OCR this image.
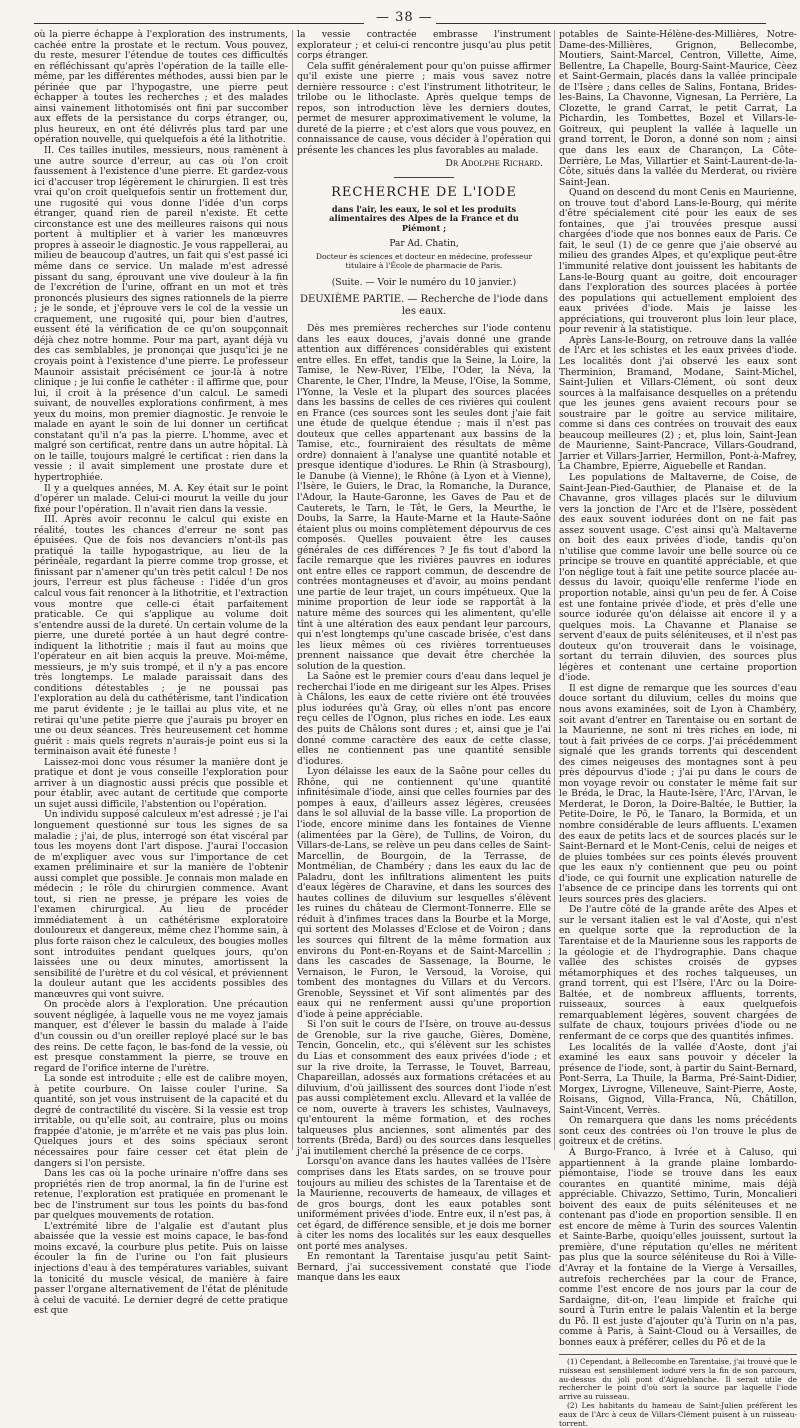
— 38 —

où la pierre échappe à l'exploration des instruments, cachée entre la prostate et le rectum. Vous pouvez, du reste, mesurer l'étendue de toutes ces difficultés en réfléchissant qu'après l'opération de la taille elle-même, par les différentes méthodes, aussi bien par le périnée que par l'hypogastre, une pierre peut échapper à toutes les recherches ; et des malades ainsi vainement lithotomisés ont fini par succomber aux effets de la persistance du corps étranger, ou, plus heureux, en ont été délivrés plus tard par une opération nouvelle, qui quelquefois a été la lithotritie.

II. Ces tailles inutiles, messieurs, nous ramènent à une autre source d'erreur, au cas où l'on croit faussement à l'existence d'une pierre. Et gardez-vous ici d'accuser trop légèrement le chirurgien. Il est très vrai qu'on croit quelquefois sentir un frottement dur, une rugosité qui vous donne l'idée d'un corps étranger, quand rien de pareil n'existe. Et cette circonstance est une des meilleures raisons qui nous portent à multiplier et à varier les manœuvres propres à asseoir le diagnostic. Je vous rappellerai, au milieu de beaucoup d'autres, un fait qui s'est passé ici même dans ce service. Un malade m'est adressé pissant du sang, éprouvant une vive douleur à la fin de l'excrétion de l'urine, offrant en un mot et très prononcés plusieurs des signes rationnels de la pierre ; je le sonde, et j'éprouve vers le col de la vessie un craquement, une rugosité qui, pour bien d'autres, eussent été la vérification de ce qu'on soupçonnait déjà chez notre homme. Pour ma part, ayant déjà vu des cas semblables, je prononçai que jusqu'ici je ne croyais point à l'existence d'une pierre. Le professeur Maunoir assistait précisément ce jour-là à notre clinique ; je lui confie le cathéter : il affirme que, pour lui, il croit à la présence d'un calcul. Le samedi suivant, de nouvelles explorations confirment, à mes yeux du moins, mon premier diagnostic. Je renvoie le malade en ayant le soin de lui donner un certificat constatant qu'il n'a pas la pierre. L'homme, avec et malgré son certificat, rentre dans un autre hôpital. Là on le taille, toujours malgré le certificat : rien dans la vessie ; il avait simplement une prostate dure et hypertrophiée.

Il y a quelques années, M. A. Key était sur le point d'opérer un malade. Celui-ci mourut la veille du jour fixé pour l'opération. Il n'avait rien dans la vessie.

III. Après avoir reconnu le calcul qui existe en réalité, toutes les chances d'erreur ne sont pas épuisées. Que de fois nos devanciers n'ont-ils pas pratiqué la taille hypogastrique, au lieu de la périnéale, regardant la pierre comme trop grosse, et finissant par n'amener qu'un très petit calcul ! De nos jours, l'erreur est plus fâcheuse : l'idée d'un gros calcul vous fait renoncer à la lithotritie, et l'extraction vous montre que celle-ci était parfaitement praticable. Ce qui s'applique au volume doit s'entendre aussi de la dureté. Un certain volume de la pierre, une dureté portée à un haut degré contre-indiquent la lithotritie ; mais il faut au moins que l'opérateur en ait bien acquis la preuve. Moi-même, messieurs, je m'y suis trompé, et il n'y a pas encore très longtemps. Le malade paraissait dans des conditions détestables ; je ne poussai pas l'exploration au delà du cathétérisme, tant l'indication me parut évidente ; je le taillai au plus vite, et ne retirai qu'une petite pierre que j'aurais pu broyer en une ou deux séances. Très heureusement cet homme guérit : mais quels regrets n'aurais-je point eus si la terminaison avait été funeste !

Laissez-moi donc vous résumer la manière dont je pratique et dont je vous conseille l'exploration pour arriver à un diagnostic aussi précis que possible et pour établir, avec autant de certitude que comporte un sujet aussi difficile, l'abstention ou l'opération.

Un individu supposé calculeux m'est adressé ; je l'ai longuement questionné sur tous les signes de sa maladie ; j'ai, de plus, interrogé son état viscéral par tous les moyens dont l'art dispose. J'aurai l'occasion de m'expliquer avec vous sur l'importance de cet examen préliminaire et sur la manière de l'obtenir aussi complet que possible. Je connais mon malade en médecin ; le rôle du chirurgien commence. Avant tout, si rien ne presse, je prépare les voies de l'examen chirurgical. Au lieu de procéder immédiatement à un cathétérisme exploratoire douloureux et dangereux, même chez l'homme sain, à plus forte raison chez le calculeux, des bougies molles sont introduites pendant quelques jours, qu'on laissées une ou deux minutes, amortissent la sensibilité de l'urètre et du col vésical, et préviennent la douleur autant que les accidents possibles des manœuvres qui vont suivre.

On procède alors à l'exploration. Une précaution souvent négligée, à laquelle vous ne me voyez jamais manquer, est d'élever le bassin du malade à l'aide d'un coussin ou d'un oreiller reployé placé sur le bas des reins. De cette façon, le bas-fond de la vessie, où est presque constamment la pierre, se trouve en regard de l'orifice interne de l'urètre.

La sonde est introduite ; elle est de calibre moyen, à petite courbure. On laisse couler l'urine. Sa quantité, son jet vous instruisent de la capacité et du degré de contractilité du viscère. Si la vessie est trop irritable, ou qu'elle soit, au contraire, plus ou moins frappée d'atonie, je m'arrête et ne vais pas plus loin. Quelques jours et des soins spéciaux seront nécessaires pour faire cesser cet état plein de dangers si l'on persiste.

Dans les cas où la poche urinaire n'offre dans ses propriétés rien de trop anormal, la fin de l'urine est retenue, l'exploration est pratiquée en promenant le bec de l'instrument sur tous les points du bas-fond par quelques mouvements de rotation.

L'extrémité libre de l'algalie est d'autant plus abaissée que la vessie est moins capace, le bas-fond moins excavé, la courbure plus petite. Puis on laisse écouler la fin de l'urine ou l'on fait plusieurs injections d'eau à des températures variables, suivant la tonicité du muscle vésical, de manière à faire passer l'organe alternativement de l'état de plénitude à celui de vacuité. Le dernier degré de cette pratique est que

la vessie contractée embrasse l'instrument explorateur ; et celui-ci rencontre jusqu'au plus petit corps étranger.

Cela suffit généralement pour qu'on puisse affirmer qu'il existe une pierre ; mais vous savez notre dernière ressource : c'est l'instrument lithotriteur, le trilobe ou le lithoclaste. Après quelque temps de repos, son introduction lève les derniers doutes, permet de mesurer approximativement le volume, la dureté de la pierre ; et c'est alors que vous pouvez, en connaissance de cause, vous décider à l'opération qui présente les chances les plus favorables au malade.

Dr Adolphe Richard.
RECHERCHE DE L'IODE
dans l'air, les eaux, le sol et les produits alimentaires des Alpes de la France et du Piémont ;
Par Ad. Chatin,
Docteur ès sciences et docteur en médecine, professeur titulaire à l'École de pharmacie de Paris.
(Suite. — Voir le numéro du 10 janvier.)
DEUXIÈME PARTIE. — Recherche de l'iode dans les eaux.

Dès mes premières recherches sur l'iode contenu dans les eaux douces, j'avais donné une grande attention aux différences considérables qui existent entre elles. En effet, tandis que la Seine, la Loire, la Tamise, le New-River, l'Elbe, l'Oder, la Néva, la Charente, le Cher, l'Indre, la Meuse, l'Oise, la Somme, l'Yonne, la Vesle et la plupart des sources placées dans les bassins de celles de ces rivières qui coulent en France (ces sources sont les seules dont j'aie fait une étude de quelque étendue ; mais il n'est pas douteux que celles appartenant aux bassins de la Tamise, etc., fourniraient des résultats de même ordre) donnaient à l'analyse une quantité notable et presque identique d'iodures. Le Rhin (à Strasbourg), le Danube (à Vienne), le Rhône (à Lyon et à Vienne), l'Isère, le Guiers, le Drac, la Romanche, la Durance, l'Adour, la Haute-Garonne, les Gaves de Pau et de Cauterets, le Tarn, le Têt, le Gers, la Meurthe, le Doubs, la Sarre, la Haute-Marne et la Haute-Saône étaient plus ou moins complètement dépourvus de ces composés. Quelles pouvaient être les causes générales de ces différences ? Je fis tout d'abord la facile remarque que les rivières pauvres en iodures ont entre elles ce rapport commun, de descendre de contrées montagneuses et d'avoir, au moins pendant une partie de leur trajet, un cours impétueux. Que la minime proportion de leur iode se rapportât à la nature même des sources qui les alimentent, qu'elle tînt à une altération des eaux pendant leur parcours, qui n'est longtemps qu'une cascade brisée, c'est dans les lieux mêmes où ces rivières torrentueuses prennent naissance que devait être cherchée la solution de la question.

La Saône est le premier cours d'eau dans lequel je recherchai l'iode en me dirigeant sur les Alpes. Prises à Châlons, les eaux de cette rivière ont été trouvées plus iodurées qu'à Gray, où elles n'ont pas encore reçu celles de l'Ognon, plus riches en iode. Les eaux des puits de Châlons sont dures ; et, ainsi que je l'ai donné comme caractère des eaux de cette classe, elles ne contiennent pas une quantité sensible d'iodures.

Lyon délaisse les eaux de la Saône pour celles du Rhône, qui ne contiennent qu'une quantité infinitésimale d'iode, ainsi que celles fournies par des pompes à eaux, d'ailleurs assez légères, creusées dans le sol alluvial de la basse ville. La proportion de l'iode, encore minime dans les fontaines de Vienne (alimentées par la Gère), de Tullins, de Voiron, du Villars-de-Lans, se relève un peu dans celles de Saint-Marcellin, de Bourgoin, de la Terrasse, de Montmélian, de Chambéry ; dans les eaux du lac de Paladru, dont les infiltrations alimentent les puits d'eaux légères de Charavine, et dans les sources des hautes collines de diluvium sur lesquelles s'élèvent les ruines du château de Clermont-Tonnerre. Elle se réduit à d'infimes traces dans la Bourbe et la Morge, qui sortent des Molasses d'Eclose et de Voiron ; dans les sources qui filtrent de la même formation aux environs du Pont-en-Royans et de Saint-Marcellin ; dans les cascades de Sassenage, la Bourne, le Vernaison, le Furon, le Versoud, la Voroise, qui tombent des montagnes du Villars et du Vercors. Grenoble, Seyssinet et Vif sont alimentés par des eaux qui ne renferment aussi qu'une proportion d'iode à peine appréciable.

Si l'on suit le cours de l'Isère, on trouve au-dessus de Grenoble, sur la rive gauche, Gières, Domène, Tencin, Goncelin, etc., qui s'élèvent sur les schistes du Lias et consomment des eaux privées d'iode ; et sur la rive droite, la Terrasse, le Touvet, Barreau, Chapareillan, adossés aux formations crétacées et au diluvium, d'où jaillissent des sources dont l'iode n'est pas aussi complètement exclu. Allevard et la vallée de ce nom, ouverte à travers les schistes, Vaulnaveys, qu'entourent la même formation, et des roches talqueuses plus anciennes, sont alimentés par des torrents (Bréda, Bard) ou des sources dans lesquelles j'ai inutilement cherché la présence de ce corps.

Lorsqu'on avance dans les hautes vallées de l'Isère comprises dans les Etats sardes, on se trouve pour toujours au milieu des schistes de la Tarentaise et de la Maurienne, recouverts de hameaux, de villages et de gros bourgs, dont les eaux potables sont uniformément privées d'iode. Entre eux, il n'est pas, à cet égard, de différence sensible, et je dois me borner à citer les noms des localités sur les eaux desquelles ont porté mes analyses.

En remontant la Tarentaise jusqu'au petit Saint-Bernard, j'ai successivement constaté que l'iode manque dans les eaux

potables de Sainte-Hélène-des-Millières, Notre-Dame-des-Millières, Grignon, Bellecombe, Moutiers, Saint-Marcel, Centron, Villette, Aime, Bellentre, La Chapelle, Bourg-Saint-Maurice, Cèez et Saint-Germain, placés dans la vallée principale de l'Isère ; dans celles de Salins, Fontana, Brides-les-Bains, La Chavonne, Vignesan, La Perrière, La Clozette, le grand Carrat, le petit Carrat, La Pichardin, les Tombettes, Bozel et Villars-le-Goitreux, qui peuplent la vallée à laquelle un grand torrent, le Doron, a donné son nom ; ainsi que dans les eaux de Charançon, La Côte-Derrière, Le Mas, Villartier et Saint-Laurent-de-la-Côte, situés dans la vallée du Merderat, ou rivière Saint-Jean.

Quand on descend du mont Cenis en Maurienne, on trouve tout d'abord Lans-le-Bourg, qui mérite d'être spécialement cité pour les eaux de ses fontaines, que j'ai trouvées presque aussi chargées d'iode que nos bonnes eaux de Paris. Ce fait, le seul (1) de ce genre que j'aie observé au milieu des grandes Alpes, et qu'explique peut-être l'immunité relative dont jouissent les habitants de Lans-le-Bourg quant au goitre, doit encourager dans l'exploration des sources placées à portée des populations qui actuellement emploient des eaux privées d'iode. Mais je laisse les appréciations, qui trouveront plus loin leur place, pour revenir à la statistique.

Après Lans-le-Bourg, on retrouve dans la vallée de l'Arc et les schistes et les eaux privées d'iode. Les localités dont j'ai observé les eaux sont Therminion, Bramand, Modane, Saint-Michel, Saint-Julien et Villars-Clément, où sont deux sources à la malfaisance desquelles on a prétendu que les jeunes gens avaient recours pour se soustraire par le goitre au service militaire, comme si dans ces contrées on trouvait des eaux beaucoup meilleures (2) ; et, plus loin, Saint-Jean de Maurienne, Saint-Pancrace, Villars-Goudrand, Jarrier et Villars-Jarrier, Hermillon, Pont-à-Mafrey, La Chambre, Epierre, Aiguebelle et Randan.

Les populations de Maltaverne, de Coise, de Saint-Jean-Pied-Gauthier, de Planaise et de la Chavanne, gros villages placés sur le diluvium vers la jonction de l'Arc et de l'Isère, possèdent des eaux souvent iodurées dont on ne fait pas assez souvent usage. C'est ainsi qu'à Maltaverne on boit des eaux privées d'iode, tandis qu'on n'utilise que comme lavoir une belle source où ce principe se trouve en quantité appréciable, et que l'on néglige tout à fait une petite source placée au-dessus du lavoir, quoiqu'elle renferme l'iode en proportion notable, ainsi qu'un peu de fer. À Coise est une fontaine privée d'iode, et près d'elle une source iodurée qu'on délaisse ait encore il y a quelques mois. La Chavanne et Planaise se servent d'eaux de puits séléniteuses, et il n'est pas douteux qu'on trouverait dans le voisinage, sortant du terrain diluvien, des sources plus légères et contenant une certaine proportion d'iode.

Il est digne de remarque que les sources d'eau douce sortant du diluvium, celles du moins que nous avons examinées, soit de Lyon à Chambéry, soit avant d'entrer en Tarentaise ou en sortant de la Maurienne, ne sont ni très riches en iode, ni tout à fait privées de ce corps. J'ai précédemment signalé que les grands torrents qui descendent des cimes neigeuses des montagnes sont à peu près dépourvus d'iode ; j'ai pu dans le cours de mon voyage revoir ou constater le même fait sur le Bréda, le Drac, la Haute-Isère, l'Arc, l'Arvan, le Merderat, le Doron, la Doire-Baltée, le Buttier, la Petite-Doire, le Pô, le Tanaro, la Bormida, et un nombre considérable de leurs affluents. L'examen des eaux de petits lacs et de sources placés sur le Saint-Bernard et le Mont-Cenis, celui de neiges et de pluies tombées sur ces points élevés prouvent que les eaux n'y contiennent que peu ou point d'iode, ce qui fournit une explication naturelle de l'absence de ce principe dans les torrents qui ont leurs sources près des glaciers.

De l'autre côté de la grande arête des Alpes et sur le versant italien est le val d'Aoste, qui n'est en quelque sorte que la reproduction de la Tarentaise et de la Maurienne sous les rapports de la géologie et de l'hydrographie. Dans chaque vallée des schistes croisés de gypses métamorphiques et des roches talqueuses, un grand torrent, qui est l'Isère, l'Arc ou la Doire-Baltée, et de nombreux affluents, torrents, ruisseaux, sources à eaux quelquefois remarquablement légères, souvent chargées de sulfate de chaux, toujours privées d'iode ou ne renfermant de ce corps que des quantités infimes.

Les localités de la vallée d'Aoste, dont j'ai examiné les eaux sans pouvoir y déceler la présence de l'iode, sont, à partir du Saint-Bernard, Pont-Serra, La Thuile, la Barma, Pré-Saint-Didier, Morgex, Livrogne, Villeneuve, Saint-Pierre, Aoste, Roisans, Gignod, Villa-Franca, Nû, Châtillon, Saint-Vincent, Verrès.

On remarquera que dans les noms précédents sont ceux des contrées où l'on trouve le plus de goitreux et de crétins.

À Burgo-Franco, à Ivrée et à Caluso, qui appartiennent à la grande plaine lombardo-piémontaise, l'iode se trouve dans les eaux courantes en quantité minime, mais déjà appréciable. Chivazzo, Settimo, Turin, Moncalieri boivent des eaux de puits séléniteuses et ne contenant pas d'iode en proportion sensible. Il en est encore de même à Turin des sources Valentin et Sainte-Barbe, quoiqu'elles jouissent, surtout la première, d'une réputation qu'elles ne méritent pas plus que la source séléniteuse du Roi à Ville-d'Avray et la fontaine de la Vierge à Versailles, autrefois recherchées par la cour de France, comme l'est encore de nos jours par la cour de Sardaigne, dit-on, l'eau limpide et fraîche qui sourd à Turin entre le palais Valentin et la berge du Pô. Il est juste d'ajouter qu'à Turin on n'a pas, comme à Paris, à Saint-Cloud ou à Versailles, de bonnes eaux à préférer, celles du Pô et de la

(1) Cependant, à Bellecombe en Tarentaise, j'ai trouvé que le ruisseau est sensiblement ioduré vers la fin de son parcours, au-dessus du joli pont d'Aigueblanche. Il serait utile de rechercher le point d'où sort la source par laquelle l'iode arrive au ruisseau.

(2) Les habitants du hameau de Saint-Julien préfèrent les eaux de l'Arc à ceux de Villars-Clément puisent à un ruisseau-torrent.
